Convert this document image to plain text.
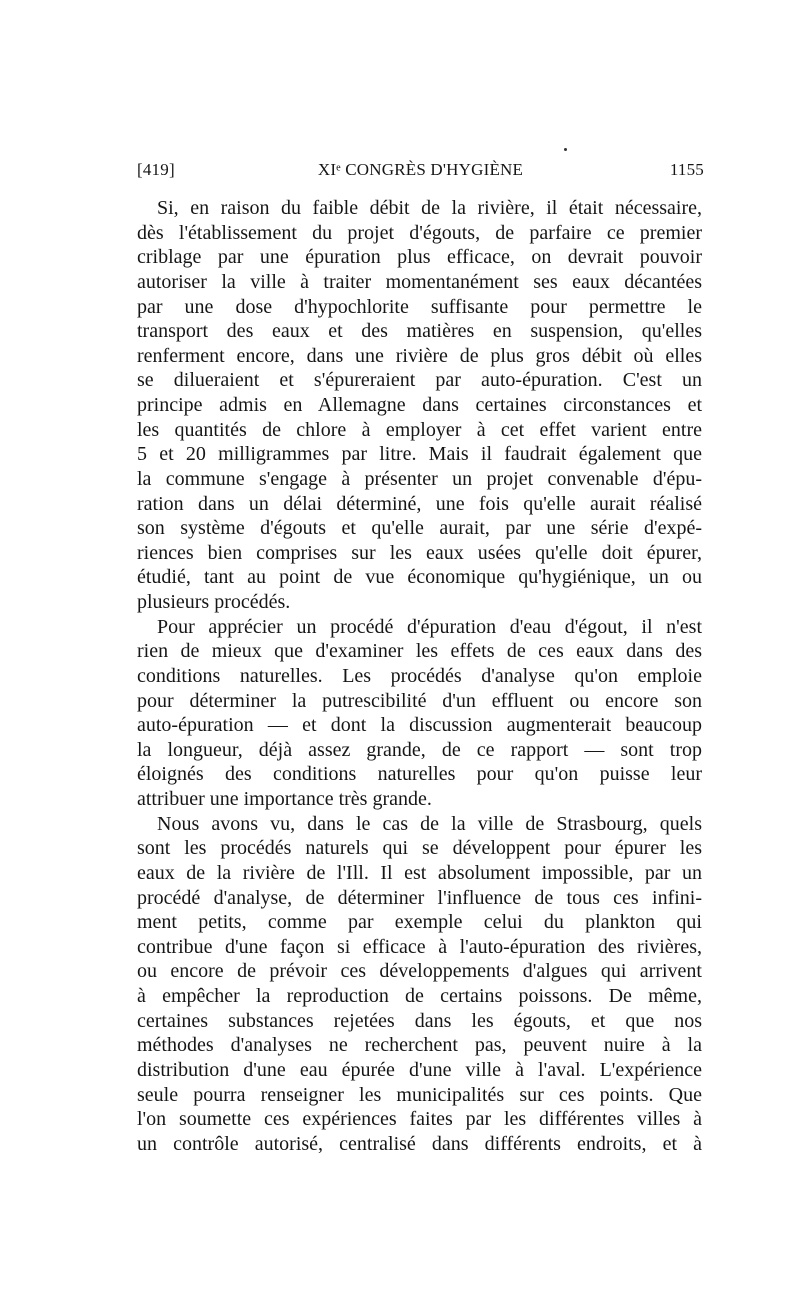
[419]	XIᵉ CONGRÈS D'HYGIÈNE	1155
Si, en raison du faible débit de la rivière, il était nécessaire,
dès l'établissement du projet d'égouts, de parfaire ce premier
criblage par une épuration plus efficace, on devrait pouvoir
autoriser la ville à traiter momentanément ses eaux décantées
par une dose d'hypochlorite suffisante pour permettre le
transport des eaux et des matières en suspension, qu'elles
renferment encore, dans une rivière de plus gros débit où elles
se dilueraient et s'épureraient par auto-épuration. C'est un
principe admis en Allemagne dans certaines circonstances et
les quantités de chlore à employer à cet effet varient entre
5 et 20 milligrammes par litre. Mais il faudrait également que
la commune s'engage à présenter un projet convenable d'épu-
ration dans un délai déterminé, une fois qu'elle aurait réalisé
son système d'égouts et qu'elle aurait, par une série d'expé-
riences bien comprises sur les eaux usées qu'elle doit épurer,
étudié, tant au point de vue économique qu'hygiénique, un ou
plusieurs procédés.
Pour apprécier un procédé d'épuration d'eau d'égout, il n'est
rien de mieux que d'examiner les effets de ces eaux dans des
conditions naturelles. Les procédés d'analyse qu'on emploie
pour déterminer la putrescibilité d'un effluent ou encore son
auto-épuration — et dont la discussion augmenterait beaucoup
la longueur, déjà assez grande, de ce rapport — sont trop
éloignés des conditions naturelles pour qu'on puisse leur
attribuer une importance très grande.
Nous avons vu, dans le cas de la ville de Strasbourg, quels
sont les procédés naturels qui se développent pour épurer les
eaux de la rivière de l'Ill. Il est absolument impossible, par un
procédé d'analyse, de déterminer l'influence de tous ces infini-
ment petits, comme par exemple celui du plankton qui
contribue d'une façon si efficace à l'auto-épuration des rivières,
ou encore de prévoir ces développements d'algues qui arrivent
à empêcher la reproduction de certains poissons. De même,
certaines substances rejetées dans les égouts, et que nos
méthodes d'analyses ne recherchent pas, peuvent nuire à la
distribution d'une eau épurée d'une ville à l'aval. L'expérience
seule pourra renseigner les municipalités sur ces points. Que
l'on soumette ces expériences faites par les différentes villes à
un contrôle autorisé, centralisé dans différents endroits, et à
